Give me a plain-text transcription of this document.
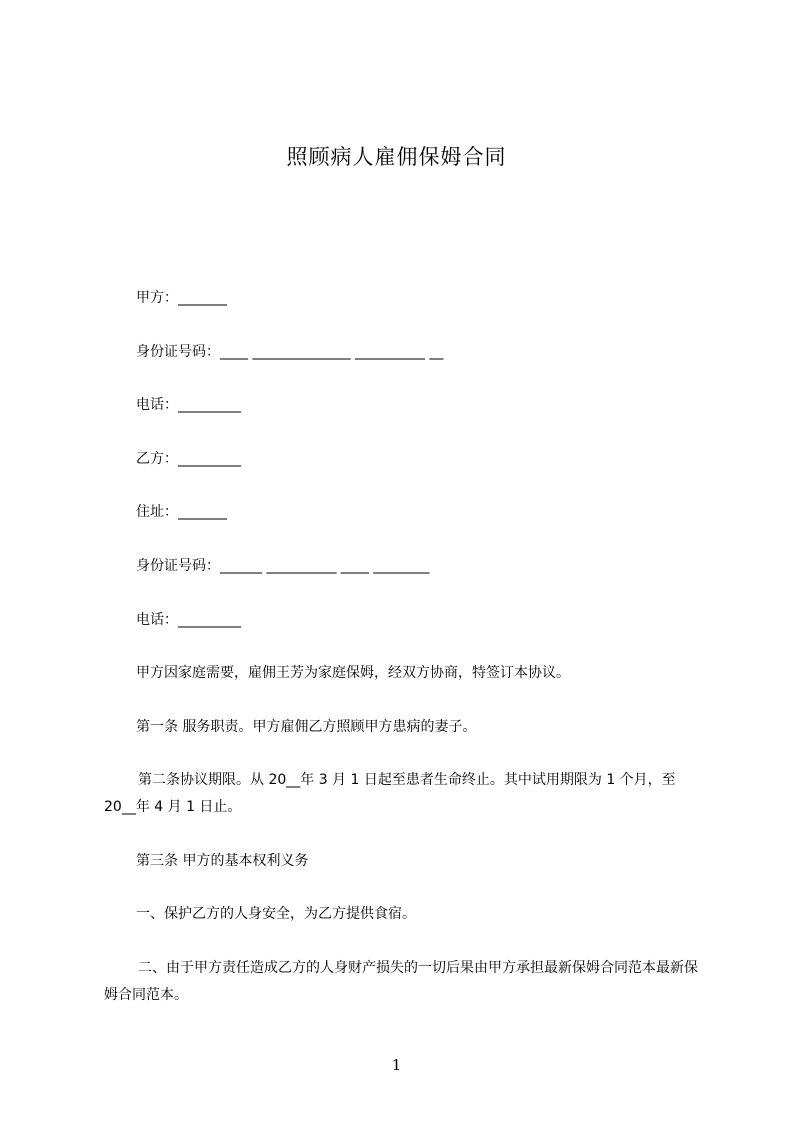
照顾病人雇佣保姆合同

甲方：_______

身份证号码：____ ______________ __________ __

电话：_________

乙方：_________

住址：_______

身份证号码：______ __________ ____ ________

电话：_________

甲方因家庭需要，雇佣王芳为家庭保姆，经双方协商，特签订本协议。

第一条 服务职责。甲方雇佣乙方照顾甲方患病的妻子。

第二条协议期限。从 20__年 3 月 1 日起至患者生命终止。其中试用期限为 1 个月，至 20__年 4 月 1 日止。

第三条 甲方的基本权利义务

一、保护乙方的人身安全，为乙方提供食宿。

二、由于甲方责任造成乙方的人身财产损失的一切后果由甲方承担最新保姆合同范本最新保姆合同范本。

1
